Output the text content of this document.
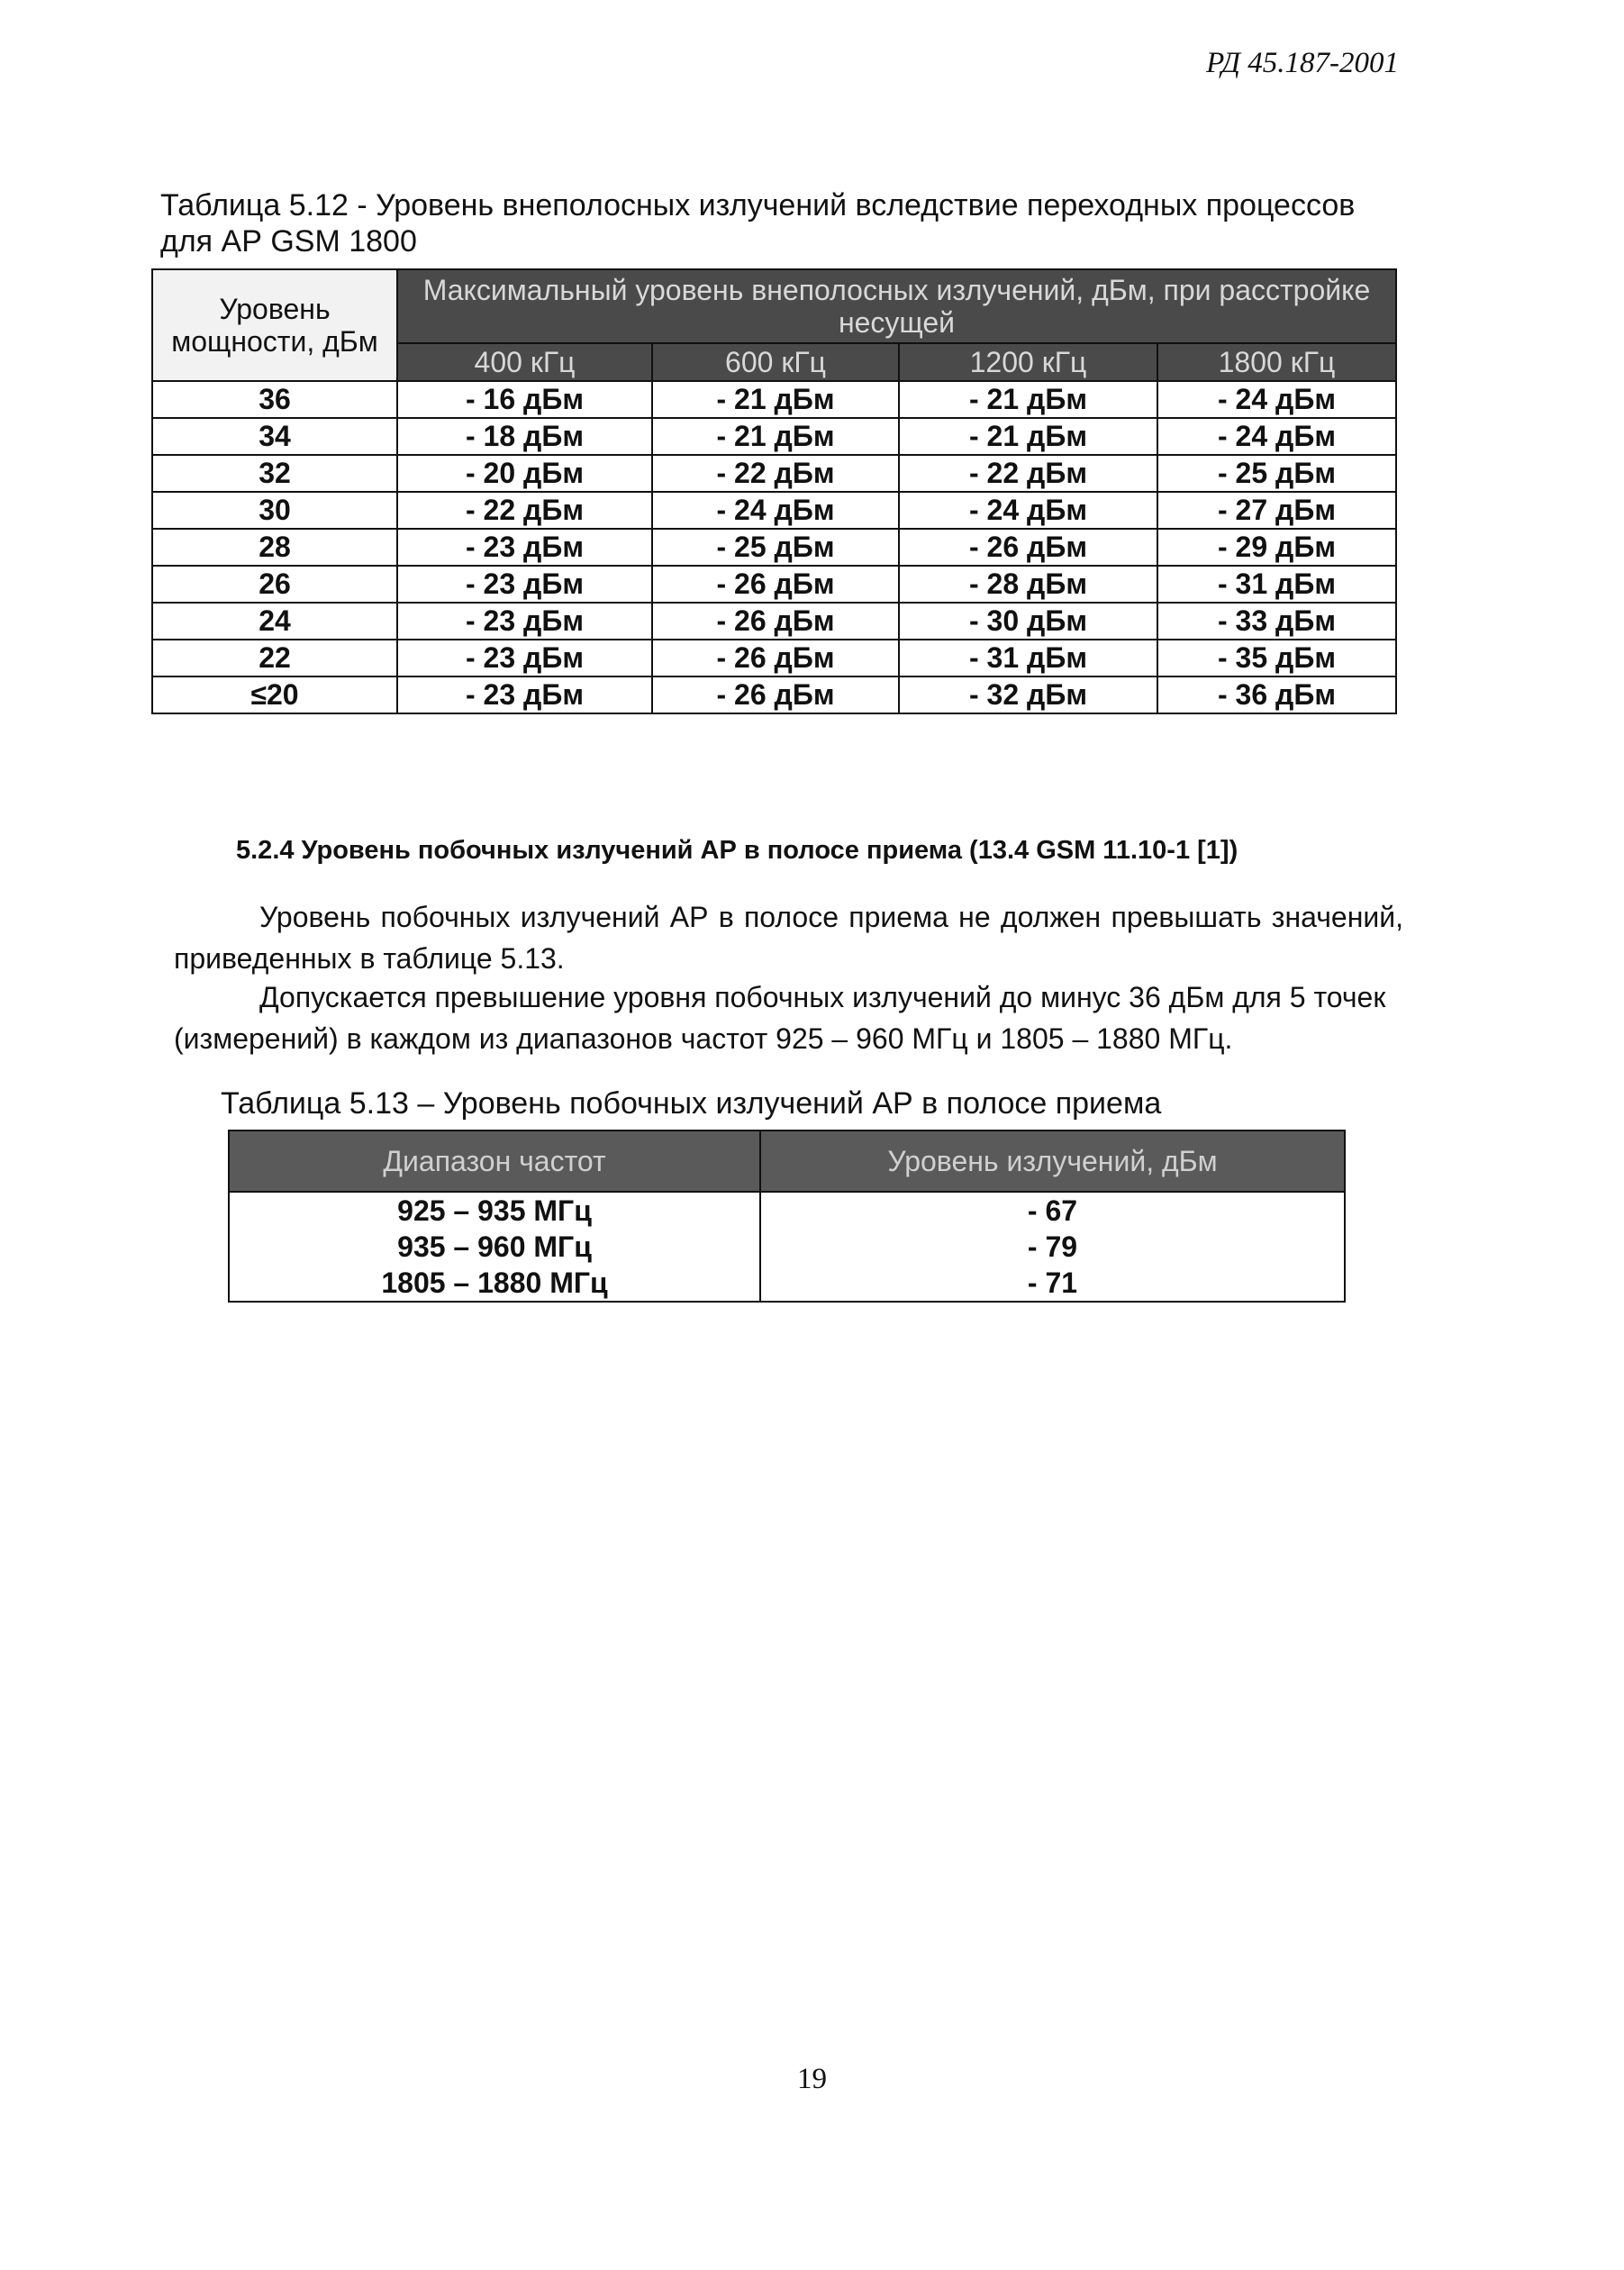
РД 45.187-2001
Таблица 5.12 - Уровень внеполосных излучений вследствие переходных процессов для АР GSM 1800
Уровень мощности, дБм	Максимальный уровень внеполосных излучений, дБм, при расстройке несущей			
	400 кГц	600 кГц	1200 кГц	1800 кГц
36	- 16 дБм	- 21 дБм	- 21 дБм	- 24 дБм
34	- 18 дБм	- 21 дБм	- 21 дБм	- 24 дБм
32	- 20 дБм	- 22 дБм	- 22 дБм	- 25 дБм
30	- 22 дБм	- 24 дБм	- 24 дБм	- 27 дБм
28	- 23 дБм	- 25 дБм	- 26 дБм	- 29 дБм
26	- 23 дБм	- 26 дБм	- 28 дБм	- 31 дБм
24	- 23 дБм	- 26 дБм	- 30 дБм	- 33 дБм
22	- 23 дБм	- 26 дБм	- 31 дБм	- 35 дБм
≤20	- 23 дБм	- 26 дБм	- 32 дБм	- 36 дБм
5.2.4 Уровень побочных излучений АР в полосе приема (13.4 GSM 11.10-1 [1])
Уровень побочных излучений АР в полосе приема не должен превышать значений, приведенных в таблице 5.13.
Допускается превышение уровня побочных излучений до минус 36 дБм для 5 точек (измерений) в каждом из диапазонов частот 925 – 960 МГц и 1805 – 1880 МГц.
Таблица 5.13 – Уровень побочных излучений АР в полосе приема
Диапазон частот	Уровень излучений, дБм
925 – 935 МГц	- 67
935 – 960 МГц	- 79
1805 – 1880 МГц	- 71
19
